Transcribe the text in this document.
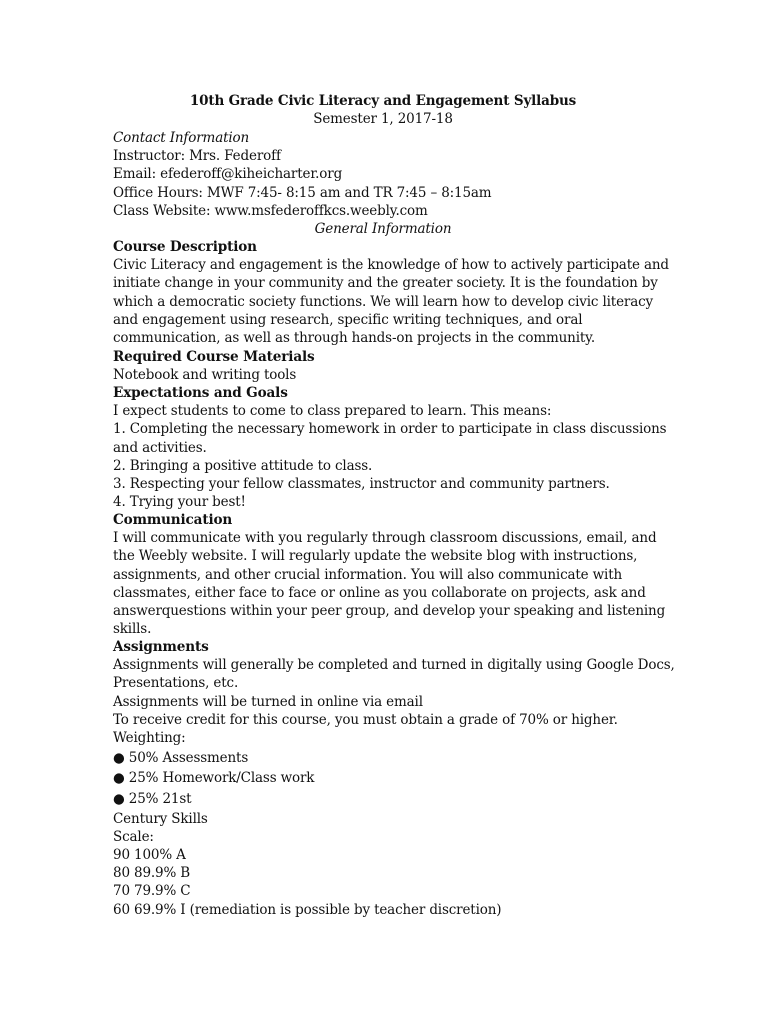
10th Grade Civic Literacy and Engagement Syllabus
Semester 1, 2017-18
Contact Information
Instructor: Mrs. Federoff
Email: efederoff@kiheicharter.org
Office Hours: MWF 7:45- 8:15 am and TR 7:45 – 8:15am
Class Website: www.msfederoffkcs.weebly.com
General Information
Course Description
Civic Literacy and engagement is the knowledge of how to actively participate and
initiate change in your community and the greater society. It is the foundation by
which a democratic society functions. We will learn how to develop civic literacy
and engagement using research, specific writing techniques, and oral
communication, as well as through hands-on projects in the community.
Required Course Materials
Notebook and writing tools
Expectations and Goals
I expect students to come to class prepared to learn. This means:
1. Completing the necessary homework in order to participate in class discussions
and activities.
2. Bringing a positive attitude to class.
3. Respecting your fellow classmates, instructor and community partners.
4. Trying your best!
Communication
I will communicate with you regularly through classroom discussions, email, and
the Weebly website. I will regularly update the website blog with instructions,
assignments, and other crucial information. You will also communicate with
classmates, either face to face or online as you collaborate on projects, ask and
answerquestions within your peer group, and develop your speaking and listening
skills.
Assignments
Assignments will generally be completed and turned in digitally using Google Docs,
Presentations, etc.
Assignments will be turned in online via email
To receive credit for this course, you must obtain a grade of 70% or higher.
Weighting:
● 50% Assessments
● 25% Homework/Class work
● 25% 21st
Century Skills
Scale:
90 100% A
80 89.9% B
70 79.9% C
60 69.9% I (remediation is possible by teacher discretion)
